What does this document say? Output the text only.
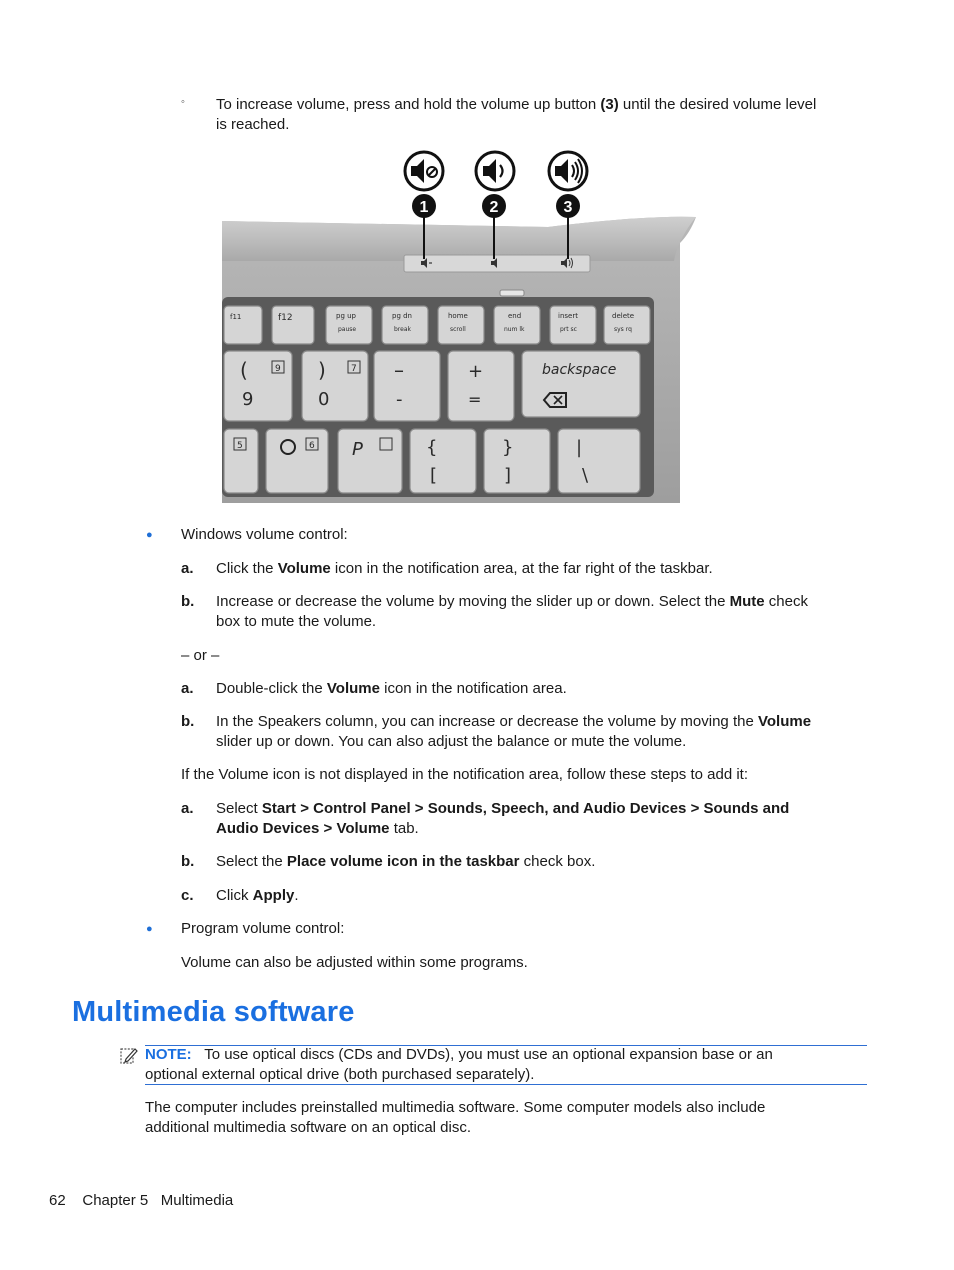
◦ To increase volume, press and hold the volume up button (3) until the desired volume level
is reached.
f11	f12	pg up
pause
pg dn
break
home
scroll
end
num lk
insert
prt sc
delete
sys rq
(
9
9 )
0
7 –
-
+
=
backspace
5	6 P	{
[
}
]
|
\
1	2	3
● Windows volume control:
a. Click the Volume icon in the notification area, at the far right of the taskbar.
b. Increase or decrease the volume by moving the slider up or down. Select the Mute check
box to mute the volume.
– or –
a. Double-click the Volume icon in the notification area.
b. In the Speakers column, you can increase or decrease the volume by moving the Volume
slider up or down. You can also adjust the balance or mute the volume.
If the Volume icon is not displayed in the notification area, follow these steps to add it:
a. Select Start > Control Panel > Sounds, Speech, and Audio Devices > Sounds and
Audio Devices > Volume tab.
b. Select the Place volume icon in the taskbar check box.
c. Click Apply.
● Program volume control:
Volume can also be adjusted within some programs.
Multimedia software
NOTE: To use optical discs (CDs and DVDs), you must use an optional expansion base or an
optional external optical drive (both purchased separately).
The computer includes preinstalled multimedia software. Some computer models also include
additional multimedia software on an optical disc.
62 Chapter 5   Multimedia
